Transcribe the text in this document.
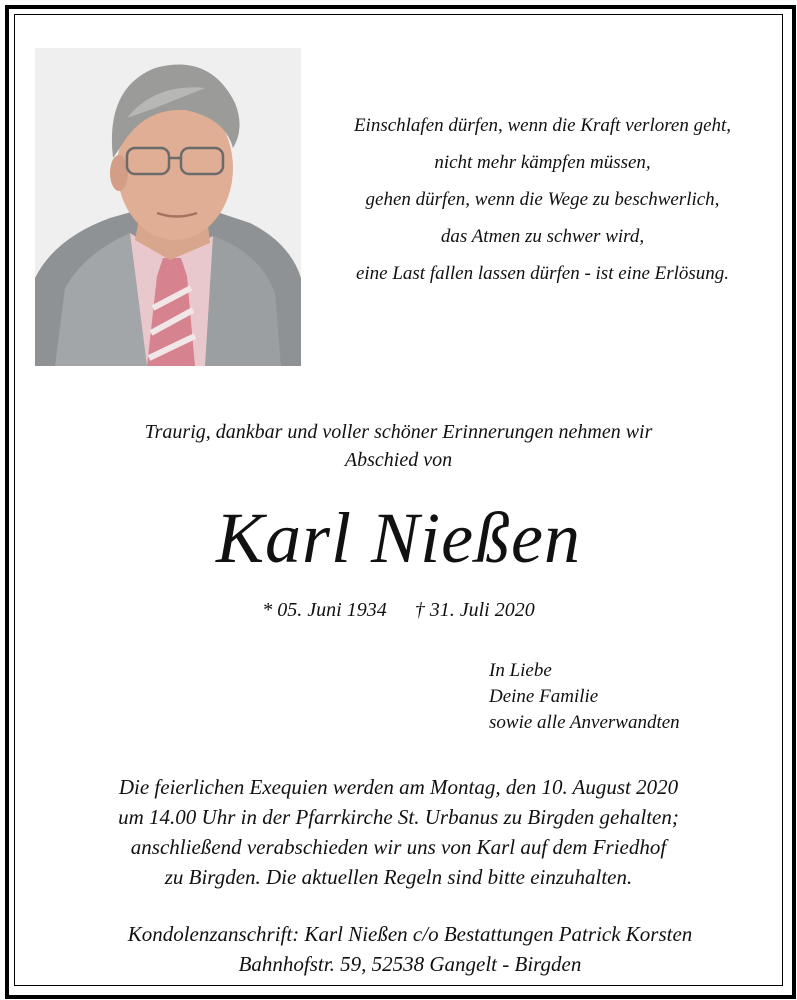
Einschlafen dürfen, wenn die Kraft verloren geht,
nicht mehr kämpfen müssen,
gehen dürfen, wenn die Wege zu beschwerlich,
das Atmen zu schwer wird,
eine Last fallen lassen dürfen - ist eine Erlösung.
Traurig, dankbar und voller schöner Erinnerungen nehmen wir
Abschied von
Karl Nießen
* 05. Juni 1934 † 31. Juli 2020
In Liebe
Deine Familie
sowie alle Anverwandten
Die feierlichen Exequien werden am Montag, den 10. August 2020
um 14.00 Uhr in der Pfarrkirche St. Urbanus zu Birgden gehalten;
anschließend verabschieden wir uns von Karl auf dem Friedhof
zu Birgden. Die aktuellen Regeln sind bitte einzuhalten.
Kondolenzanschrift: Karl Nießen c/o Bestattungen Patrick Korsten
Bahnhofstr. 59, 52538 Gangelt - Birgden
